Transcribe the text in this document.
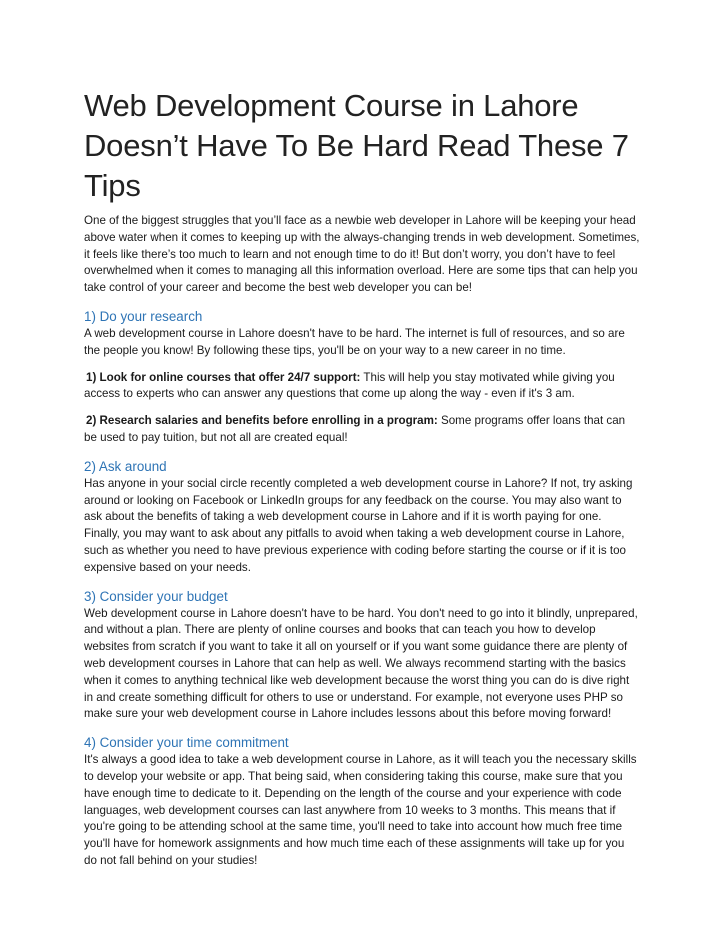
Web Development Course in Lahore
Doesn’t Have To Be Hard Read These 7 Tips

One of the biggest struggles that you’ll face as a newbie web developer in Lahore will be keeping your head above water when it comes to keeping up with the always-changing trends in web development. Sometimes, it feels like there’s too much to learn and not enough time to do it! But don’t worry, you don’t have to feel overwhelmed when it comes to managing all this information overload. Here are some tips that can help you take control of your career and become the best web developer you can be!

1) Do your research

A web development course in Lahore doesn't have to be hard. The internet is full of resources, and so are the people you know! By following these tips, you'll be on your way to a new career in no time.

1) Look for online courses that offer 24/7 support: This will help you stay motivated while giving you access to experts who can answer any questions that come up along the way - even if it's 3 am.

2) Research salaries and benefits before enrolling in a program: Some programs offer loans that can be used to pay tuition, but not all are created equal!

2) Ask around

Has anyone in your social circle recently completed a web development course in Lahore? If not, try asking around or looking on Facebook or LinkedIn groups for any feedback on the course. You may also want to ask about the benefits of taking a web development course in Lahore and if it is worth paying for one. Finally, you may want to ask about any pitfalls to avoid when taking a web development course in Lahore, such as whether you need to have previous experience with coding before starting the course or if it is too expensive based on your needs.

3) Consider your budget

Web development course in Lahore doesn't have to be hard. You don't need to go into it blindly, unprepared, and without a plan. There are plenty of online courses and books that can teach you how to develop websites from scratch if you want to take it all on yourself or if you want some guidance there are plenty of web development courses in Lahore that can help as well. We always recommend starting with the basics when it comes to anything technical like web development because the worst thing you can do is dive right in and create something difficult for others to use or understand. For example, not everyone uses PHP so make sure your web development course in Lahore includes lessons about this before moving forward!

4) Consider your time commitment

It's always a good idea to take a web development course in Lahore, as it will teach you the necessary skills to develop your website or app. That being said, when considering taking this course, make sure that you have enough time to dedicate to it. Depending on the length of the course and your experience with code languages, web development courses can last anywhere from 10 weeks to 3 months. This means that if you're going to be attending school at the same time, you'll need to take into account how much free time you'll have for homework assignments and how much time each of these assignments will take up for you do not fall behind on your studies!
